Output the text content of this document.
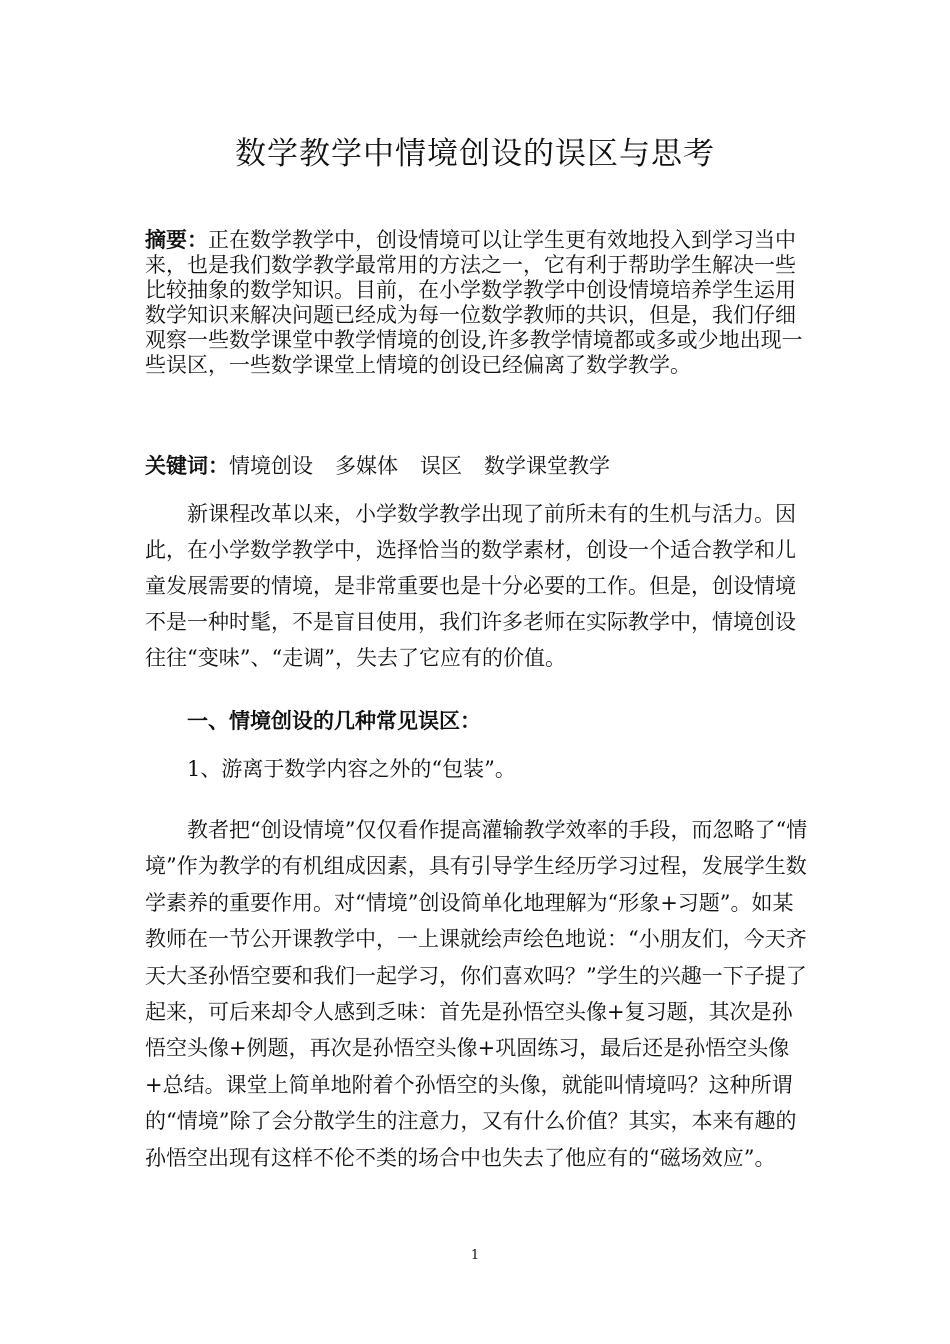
数学教学中情境创设的误区与思考

摘要：正在数学教学中，创设情境可以让学生更有效地投入到学习当中来，也是我们数学教学最常用的方法之一，它有利于帮助学生解决一些比较抽象的数学知识。目前，在小学数学教学中创设情境培养学生运用数学知识来解决问题已经成为每一位数学教师的共识，但是，我们仔细观察一些数学课堂中教学情境的创设,许多教学情境都或多或少地出现一些误区，一些数学课堂上情境的创设已经偏离了数学教学。

关键词：情境创设 多媒体 误区 数学课堂教学

新课程改革以来，小学数学教学出现了前所未有的生机与活力。因此，在小学数学教学中，选择恰当的数学素材，创设一个适合教学和儿童发展需要的情境，是非常重要也是十分必要的工作。但是，创设情境不是一种时髦，不是盲目使用，我们许多老师在实际教学中，情境创设往往“变味”、“走调”，失去了它应有的价值。

一、情境创设的几种常见误区：

1、游离于数学内容之外的“包装”。

教者把“创设情境”仅仅看作提高灌输教学效率的手段，而忽略了“情境”作为教学的有机组成因素，具有引导学生经历学习过程，发展学生数学素养的重要作用。对“情境”创设简单化地理解为“形象+习题”。如某教师在一节公开课教学中，一上课就绘声绘色地说：“小朋友们，今天齐天大圣孙悟空要和我们一起学习，你们喜欢吗？”学生的兴趣一下子提了起来，可后来却令人感到乏味：首先是孙悟空头像+复习题，其次是孙悟空头像+例题，再次是孙悟空头像+巩固练习，最后还是孙悟空头像+总结。课堂上简单地附着个孙悟空的头像，就能叫情境吗？这种所谓的“情境”除了会分散学生的注意力，又有什么价值？其实，本来有趣的孙悟空出现有这样不伦不类的场合中也失去了他应有的“磁场效应”。

1
